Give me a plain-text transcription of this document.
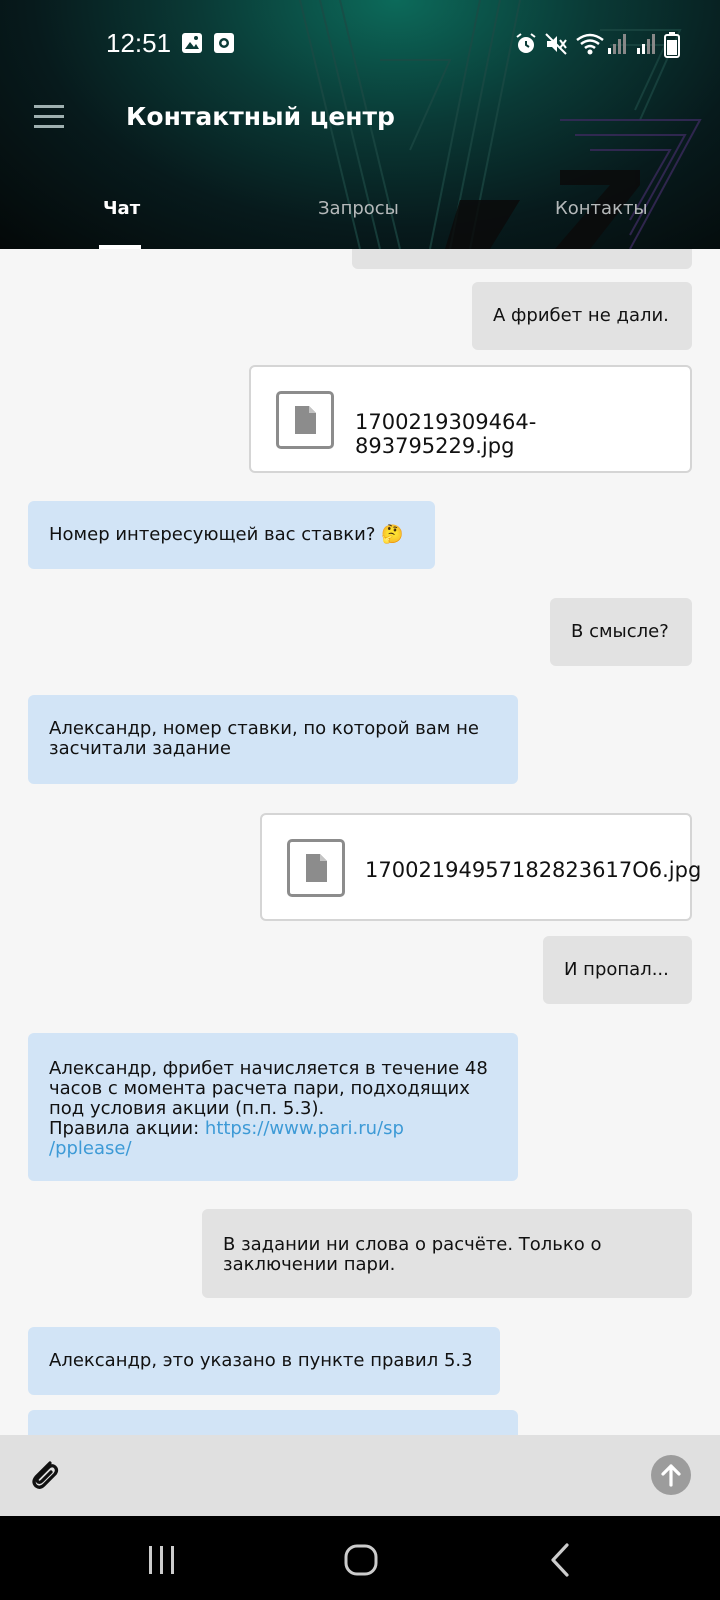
12:51
Контактный центр
Чат	Запросы	Контакты
А фрибет не дали.
1700219309464-893795229.jpg
Номер интересующей вас ставки? 🤔
В смысле?
Александр, номер ставки, по которой вам не
засчитали задание
17002194957182823617О6.jpg
И пропал...
Александр, фрибет начисляется в течение 48
часов с момента расчета пари, подходящих
под условия акции (п.п. 5.3).
Правила акции: https://www.pari.ru/sp
/pplease/
В задании ни слова о расчёте. Только о
заключении пари.
Александр, это указано в пункте правил 5.3
